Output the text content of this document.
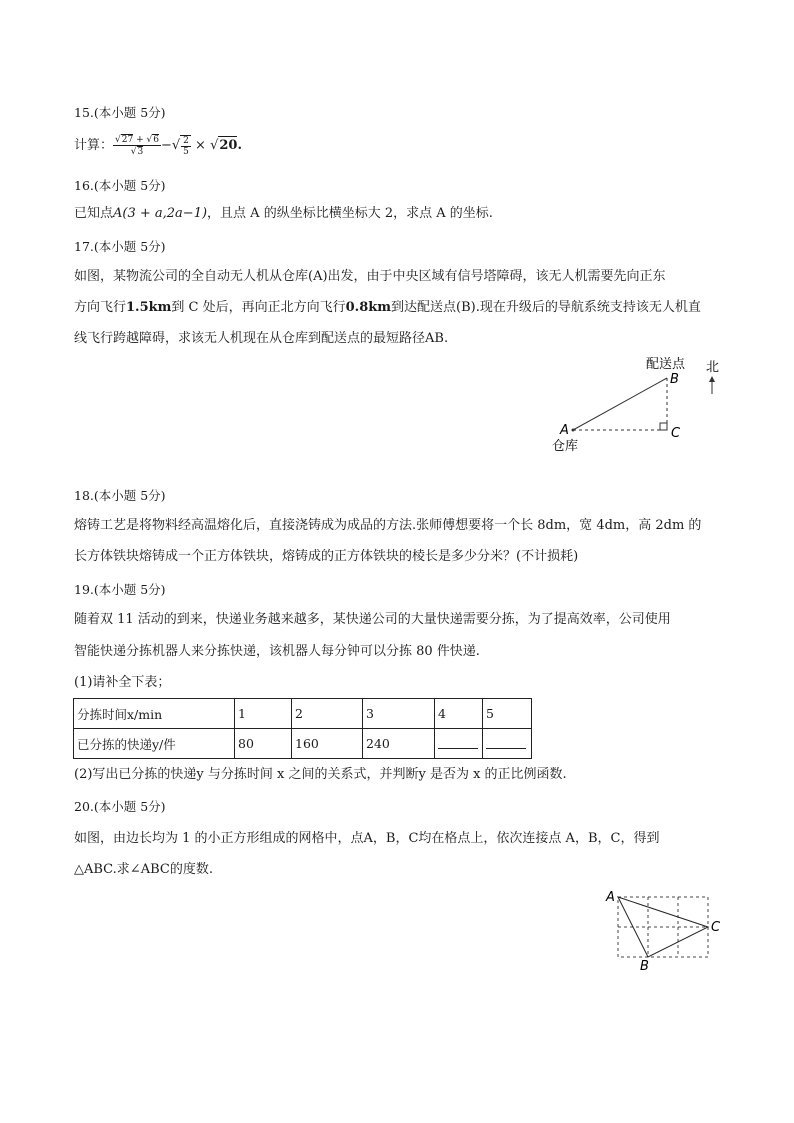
15.(本小题 5分)
计算： $\frac{√27 + √6}{√3}$ −√ $\frac{2}{5} \times √20$.
16.(本小题 5分)
已知点A(3 + a,2a−1)，且点 A 的纵坐标比横坐标大 2，求点 A 的坐标.
17.(本小题 5分)
如图，某物流公司的全自动无人机从仓库(A)出发，由于中央区域有信号塔障碍，该无人机需要先向正东
方向飞行1.5km到 C 处后，再向正北方向飞行0.8km到达配送点(B).现在升级后的导航系统支持该无人机直
线飞行跨越障碍，求该无人机现在从仓库到配送点的最短路径AB.
配送点
B
北
A
仓库
C
18.(本小题 5分)
熔铸工艺是将物料经高温熔化后，直接浇铸成为成品的方法.张师傅想要将一个长 8dm，宽 4dm，高 2dm 的
长方体铁块熔铸成一个正方体铁块，熔铸成的正方体铁块的棱长是多少分米？(不计损耗)
19.(本小题 5分)
随着双 11 活动的到来，快递业务越来越多，某快递公司的大量快递需要分拣，为了提高效率，公司使用
智能快递分拣机器人来分拣快递，该机器人每分钟可以分拣 80 件快递.
(1)请补全下表；
分拣时间x/min	1	2	3	4	5
已分拣的快递y/件	80	160	240		
(2)写出已分拣的快递y 与分拣时间 x 之间的关系式，并判断y 是否为 x 的正比例函数.
20.(本小题 5分)
如图，由边长均为 1 的小正方形组成的网格中，点A，B，C均在格点上，依次连接点 A，B，C，得到
△ABC.求∠ABC的度数.
A
B
C
